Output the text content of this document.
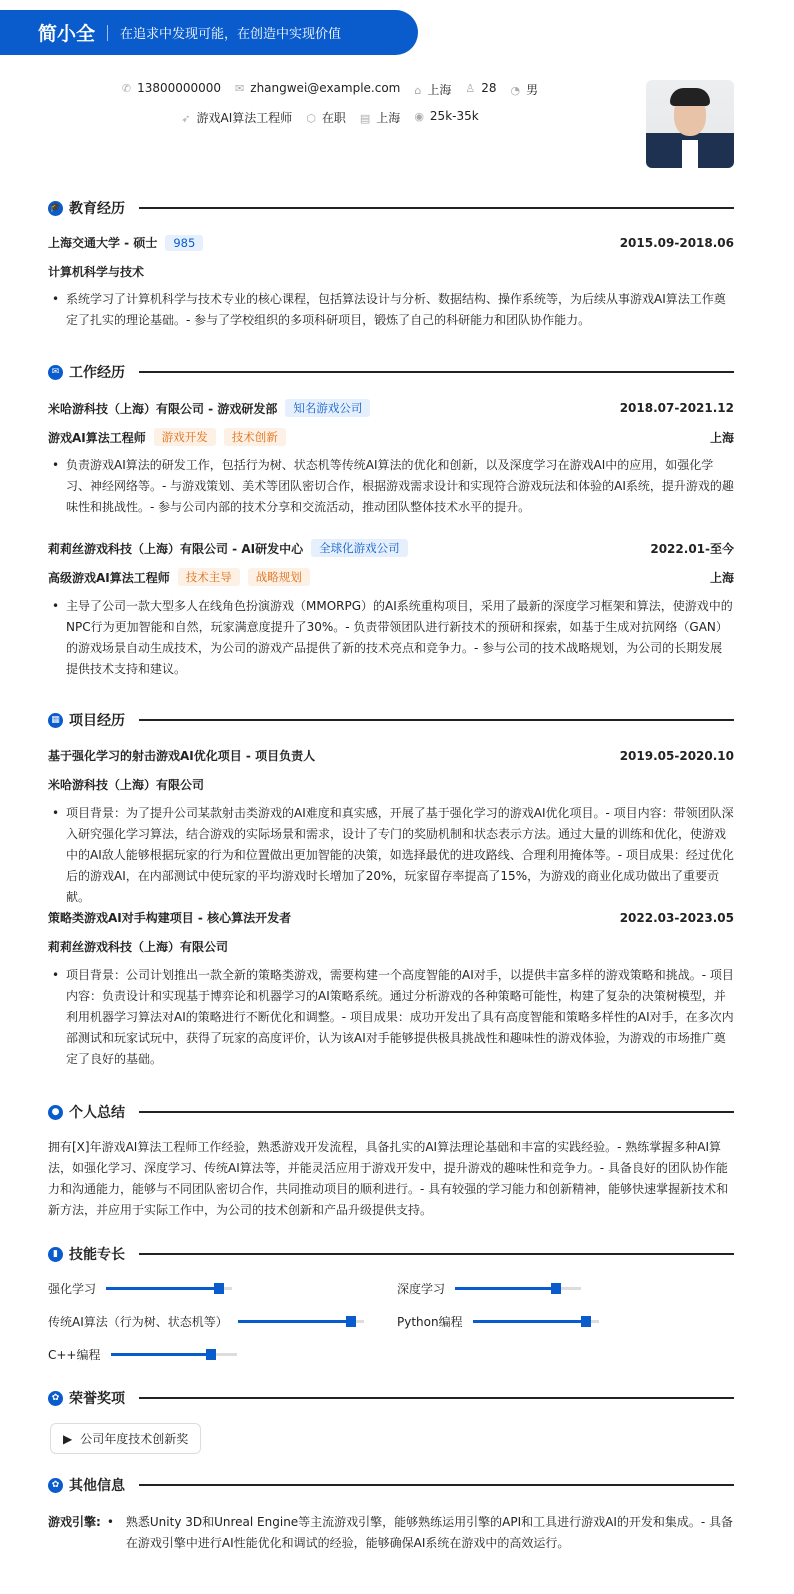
简小全 在追求中发现可能，在创造中实现价值
✆ 13800000000 ✉ zhangwei@example.com ⌂ 上海 ♙ 28 ◔ 男
➶ 游戏AI算法工程师 ⬡ 在职 ▤ 上海 ◉ 25k-35k
🎓 教育经历
上海交通大学 - 硕士	985	2015.09-2018.06
计算机科学与技术
• 系统学习了计算机科学与技术专业的核心课程，包括算法设计与分析、数据结构、操作系统等，为后续从事游戏AI算法工作奠定了扎实的理论基础。- 参与了学校组织的多项科研项目，锻炼了自己的科研能力和团队协作能力。
✉ 工作经历
米哈游科技（上海）有限公司 - 游戏研发部	知名游戏公司	2018.07-2021.12
游戏AI算法工程师	游戏开发	技术创新	上海
• 负责游戏AI算法的研发工作，包括行为树、状态机等传统AI算法的优化和创新，以及深度学习在游戏AI中的应用，如强化学习、神经网络等。- 与游戏策划、美术等团队密切合作，根据游戏需求设计和实现符合游戏玩法和体验的AI系统，提升游戏的趣味性和挑战性。- 参与公司内部的技术分享和交流活动，推动团队整体技术水平的提升。
莉莉丝游戏科技（上海）有限公司 - AI研发中心	全球化游戏公司	2022.01-至今
高级游戏AI算法工程师	技术主导	战略规划	上海
• 主导了公司一款大型多人在线角色扮演游戏（MMORPG）的AI系统重构项目，采用了最新的深度学习框架和算法，使游戏中的NPC行为更加智能和自然，玩家满意度提升了30%。- 负责带领团队进行新技术的预研和探索，如基于生成对抗网络（GAN）的游戏场景自动生成技术，为公司的游戏产品提供了新的技术亮点和竞争力。- 参与公司的技术战略规划，为公司的长期发展提供技术支持和建议。
▦ 项目经历
基于强化学习的射击游戏AI优化项目 - 项目负责人	2019.05-2020.10
米哈游科技（上海）有限公司
• 项目背景：为了提升公司某款射击类游戏的AI难度和真实感，开展了基于强化学习的游戏AI优化项目。- 项目内容：带领团队深入研究强化学习算法，结合游戏的实际场景和需求，设计了专门的奖励机制和状态表示方法。通过大量的训练和优化，使游戏中的AI敌人能够根据玩家的行为和位置做出更加智能的决策，如选择最优的进攻路线、合理利用掩体等。- 项目成果：经过优化后的游戏AI，在内部测试中使玩家的平均游戏时长增加了20%，玩家留存率提高了15%，为游戏的商业化成功做出了重要贡献。
策略类游戏AI对手构建项目 - 核心算法开发者	2022.03-2023.05
莉莉丝游戏科技（上海）有限公司
• 项目背景：公司计划推出一款全新的策略类游戏，需要构建一个高度智能的AI对手，以提供丰富多样的游戏策略和挑战。- 项目内容：负责设计和实现基于博弈论和机器学习的AI策略系统。通过分析游戏的各种策略可能性，构建了复杂的决策树模型，并利用机器学习算法对AI的策略进行不断优化和调整。- 项目成果：成功开发出了具有高度智能和策略多样性的AI对手，在多次内部测试和玩家试玩中，获得了玩家的高度评价，认为该AI对手能够提供极具挑战性和趣味性的游戏体验，为游戏的市场推广奠定了良好的基础。
● 个人总结
拥有[X]年游戏AI算法工程师工作经验，熟悉游戏开发流程，具备扎实的AI算法理论基础和丰富的实践经验。- 熟练掌握多种AI算法，如强化学习、深度学习、传统AI算法等，并能灵活应用于游戏开发中，提升游戏的趣味性和竞争力。- 具备良好的团队协作能力和沟通能力，能够与不同团队密切合作，共同推动项目的顺利进行。- 具有较强的学习能力和创新精神，能够快速掌握新技术和新方法，并应用于实际工作中，为公司的技术创新和产品升级提供支持。
▮ 技能专长
强化学习	深度学习
传统AI算法（行为树、状态机等）	Python编程
C++编程
✿ 荣誉奖项
▶ 公司年度技术创新奖
✿ 其他信息
游戏引擎: • 熟悉Unity 3D和Unreal Engine等主流游戏引擎，能够熟练运用引擎的API和工具进行游戏AI的开发和集成。- 具备在游戏引擎中进行AI性能优化和调试的经验，能够确保AI系统在游戏中的高效运行。
